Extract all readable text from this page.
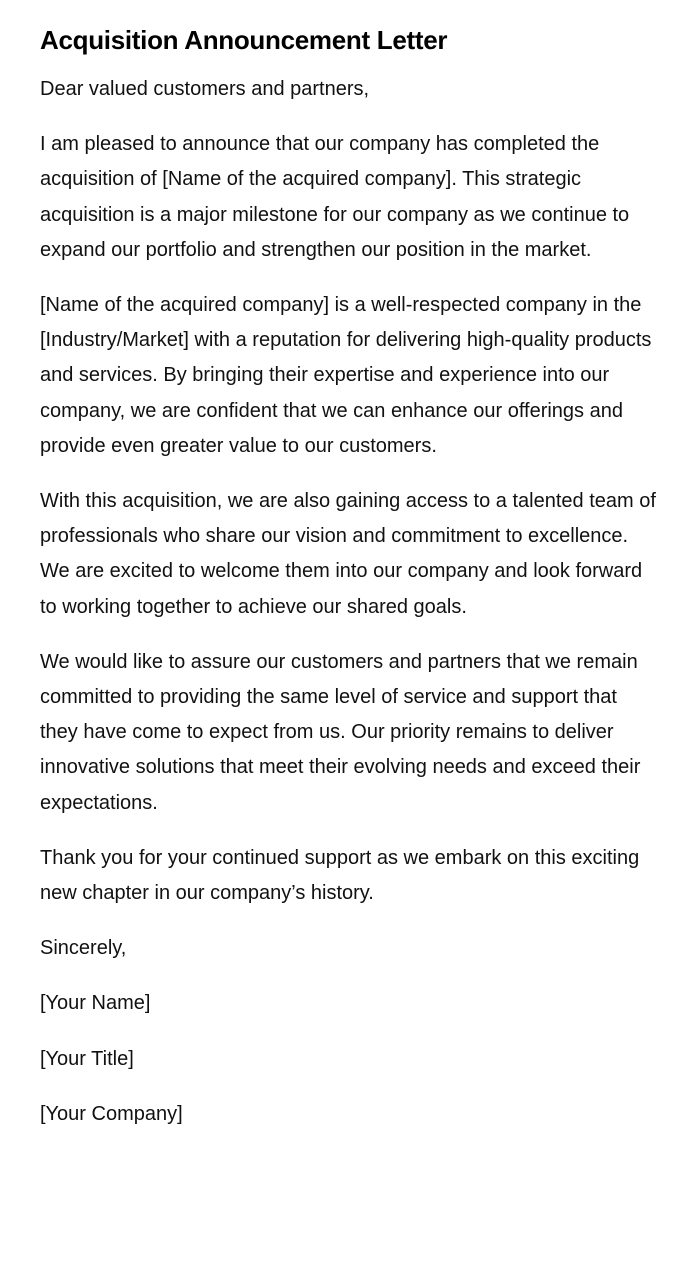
Acquisition Announcement Letter

Dear valued customers and partners,

I am pleased to announce that our company has completed the acquisition of [Name of the acquired company]. This strategic acquisition is a major milestone for our company as we continue to expand our portfolio and strengthen our position in the market.

[Name of the acquired company] is a well-respected company in the [Industry/Market] with a reputation for delivering high-quality products and services. By bringing their expertise and experience into our company, we are confident that we can enhance our offerings and provide even greater value to our customers.

With this acquisition, we are also gaining access to a talented team of professionals who share our vision and commitment to excellence. We are excited to welcome them into our company and look forward to working together to achieve our shared goals.

We would like to assure our customers and partners that we remain committed to providing the same level of service and support that they have come to expect from us. Our priority remains to deliver innovative solutions that meet their evolving needs and exceed their expectations.

Thank you for your continued support as we embark on this exciting new chapter in our company’s history.

Sincerely,

[Your Name]

[Your Title]

[Your Company]
